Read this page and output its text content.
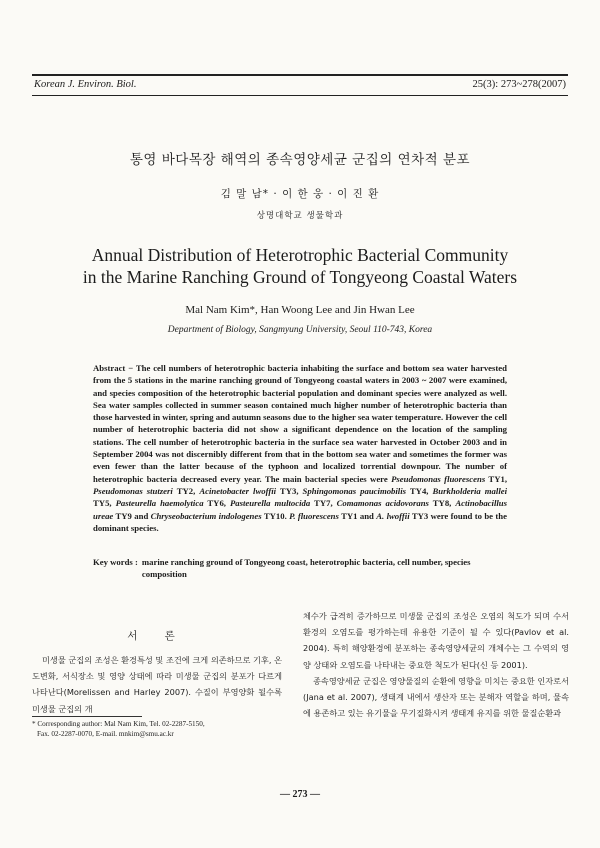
Korean J. Environ. Biol.	25(3): 273~278(2007)
통영 바다목장 해역의 종속영양세균 군집의 연차적 분포
김 말 남* · 이 한 웅 · 이 진 환
상명대학교 생물학과
Annual Distribution of Heterotrophic Bacterial Community
in the Marine Ranching Ground of Tongyeong Coastal Waters
Mal Nam Kim*, Han Woong Lee and Jin Hwan Lee
Department of Biology, Sangmyung University, Seoul 110-743, Korea
Abstract − The cell numbers of heterotrophic bacteria inhabiting the surface and bottom sea water harvested from the 5 stations in the marine ranching ground of Tongyeong coastal waters in 2003 ~ 2007 were examined, and species composition of the heterotrophic bacterial population and dominant species were analyzed as well. Sea water samples collected in summer season contained much higher number of heterotrophic bacteria than those harvested in winter, spring and autumn seasons due to the higher sea water temperature. However the cell number of heterotrophic bacteria did not show a significant dependence on the location of the sampling stations. The cell number of heterotrophic bacteria in the surface sea water harvested in October 2003 and in September 2004 was not discernibly different from that in the bottom sea water and sometimes the former was even fewer than the latter because of the typhoon and localized torrential downpour. The number of heterotrophic bacteria decreased every year. The main bacterial species were Pseudomonas fluorescens TY1, Pseudomonas stutzeri TY2, Acinetobacter lwoffii TY3, Sphingomonas paucimobilis TY4, Burkholderia mallei TY5, Pasteurella haemolytica TY6, Pasteurella multocida TY7, Comamonas acidovorans TY8, Actinobacillus ureae TY9 and Chryseobacterium indologenes TY10. P. fluorescens TY1 and A. lwoffii TY3 were found to be the dominant species.
Key words : marine ranching ground of Tongyeong coast, heterotrophic bacteria, cell number, species composition
서 론

미생물 군집의 조성은 환경특성 및 조건에 크게 의존하므로 기후, 온도변화, 서식장소 및 영양 상태에 따라 미생물 군집의 분포가 다르게 나타난다(Morelissen and Harley 2007). 수질이 부영양화 될수록 미생물 군집의 개

체수가 급격히 증가하므로 미생물 군집의 조성은 오염의 척도가 되며 수서환경의 오염도를 평가하는데 유용한 기준이 될 수 있다(Pavlov et al. 2004). 특히 해양환경에 분포하는 종속영양세균의 개체수는 그 수역의 영양 상태와 오염도를 나타내는 중요한 척도가 된다(신 등 2001).

종속영양세균 군집은 영양물질의 순환에 영향을 미치는 중요한 인자로서(Jana et al. 2007), 생태계 내에서 생산자 또는 분해자 역할을 하며, 물속에 용존하고 있는 유기물을 무기질화시켜 생태계 유지를 위한 물질순환과

* Corresponding author: Mal Nam Kim, Tel. 02-2287-5150,
Fax. 02-2287-0070, E-mail. mnkim@smu.ac.kr
— 273 —
